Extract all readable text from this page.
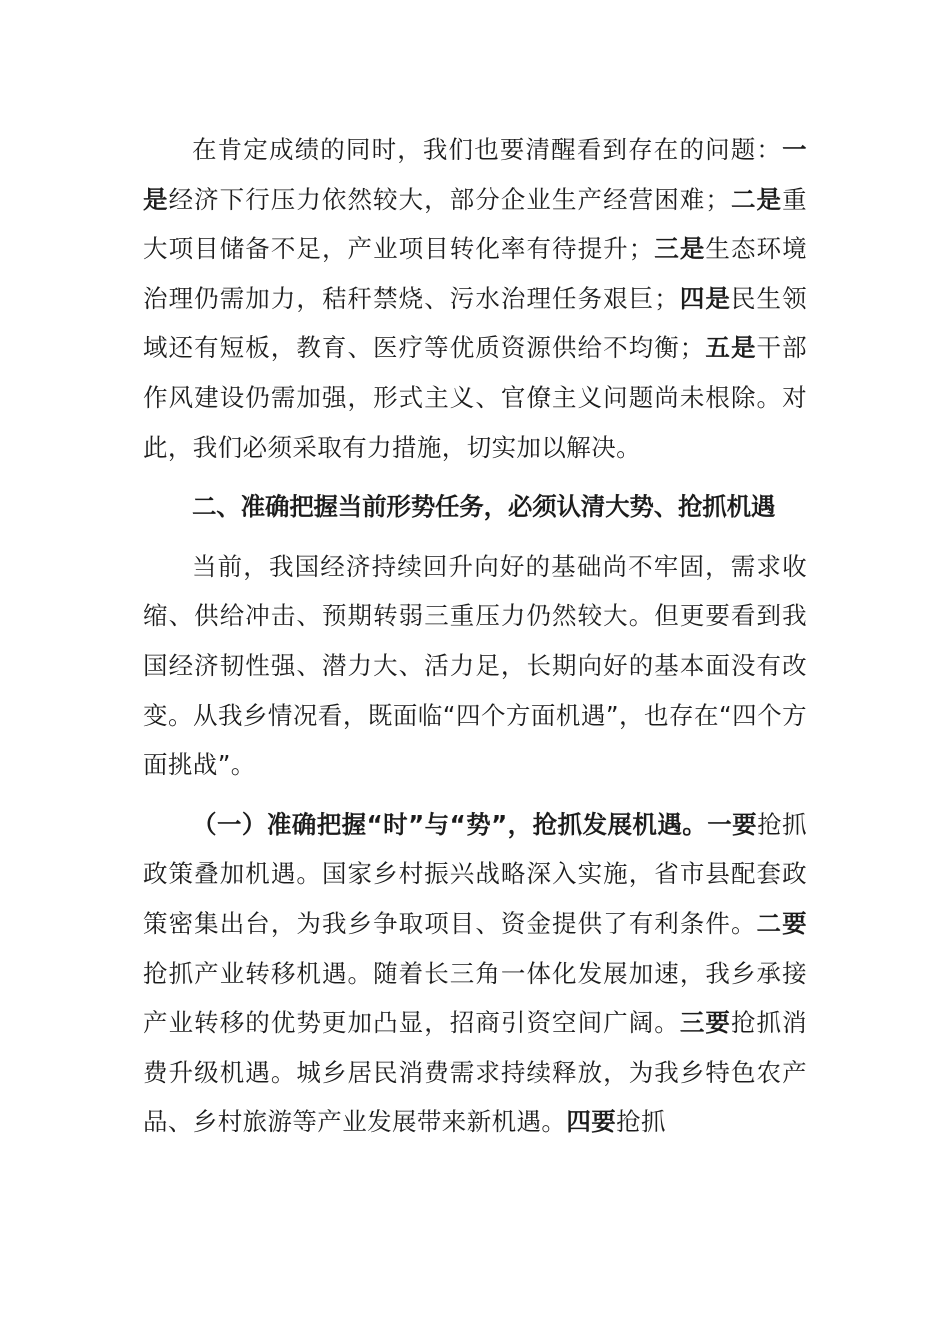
在肯定成绩的同时，我们也要清醒看到存在的问题：一是经济下行压力依然较大，部分企业生产经营困难；二是重大项目储备不足，产业项目转化率有待提升；三是生态环境治理仍需加力，秸秆禁烧、污水治理任务艰巨；四是民生领域还有短板，教育、医疗等优质资源供给不均衡；五是干部作风建设仍需加强，形式主义、官僚主义问题尚未根除。对此，我们必须采取有力措施，切实加以解决。

二、准确把握当前形势任务，必须认清大势、抢抓机遇

当前，我国经济持续回升向好的基础尚不牢固，需求收缩、供给冲击、预期转弱三重压力仍然较大。但更要看到我国经济韧性强、潜力大、活力足，长期向好的基本面没有改变。从我乡情况看，既面临“四个方面机遇”，也存在“四个方面挑战”。

（一）准确把握“时”与“势”，抢抓发展机遇。一要抢抓政策叠加机遇。国家乡村振兴战略深入实施，省市县配套政策密集出台，为我乡争取项目、资金提供了有利条件。二要抢抓产业转移机遇。随着长三角一体化发展加速，我乡承接产业转移的优势更加凸显，招商引资空间广阔。三要抢抓消费升级机遇。城乡居民消费需求持续释放，为我乡特色农产品、乡村旅游等产业发展带来新机遇。四要抢抓
